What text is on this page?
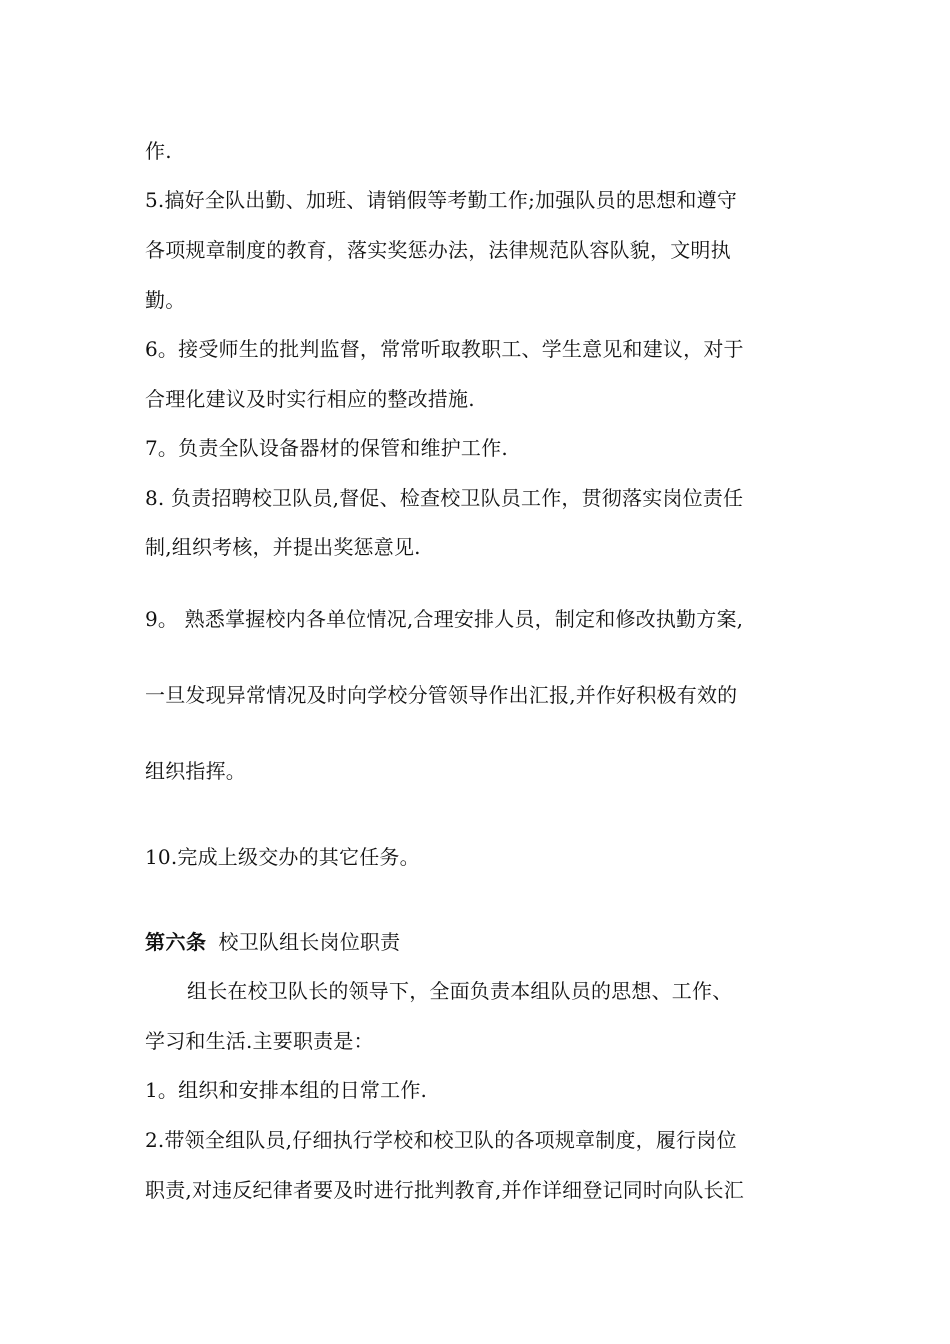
作.
5.搞好全队出勤、加班、请销假等考勤工作;加强队员的思想和遵守
各项规章制度的教育，落实奖惩办法，法律规范队容队貌，文明执
勤。
6。接受师生的批判监督，常常听取教职工、学生意见和建议，对于
合理化建议及时实行相应的整改措施.
7。负责全队设备器材的保管和维护工作.
8. 负责招聘校卫队员,督促、检查校卫队员工作，贯彻落实岗位责任
制,组织考核，并提出奖惩意见.
9。 熟悉掌握校内各单位情况,合理安排人员，制定和修改执勤方案,
一旦发现异常情况及时向学校分管领导作出汇报,并作好积极有效的
组织指挥。
10.完成上级交办的其它任务。
第六条 校卫队组长岗位职责
组长在校卫队长的领导下，全面负责本组队员的思想、工作、
学习和生活.主要职责是：
1。组织和安排本组的日常工作.
2.带领全组队员,仔细执行学校和校卫队的各项规章制度，履行岗位
职责,对违反纪律者要及时进行批判教育,并作详细登记同时向队长汇
